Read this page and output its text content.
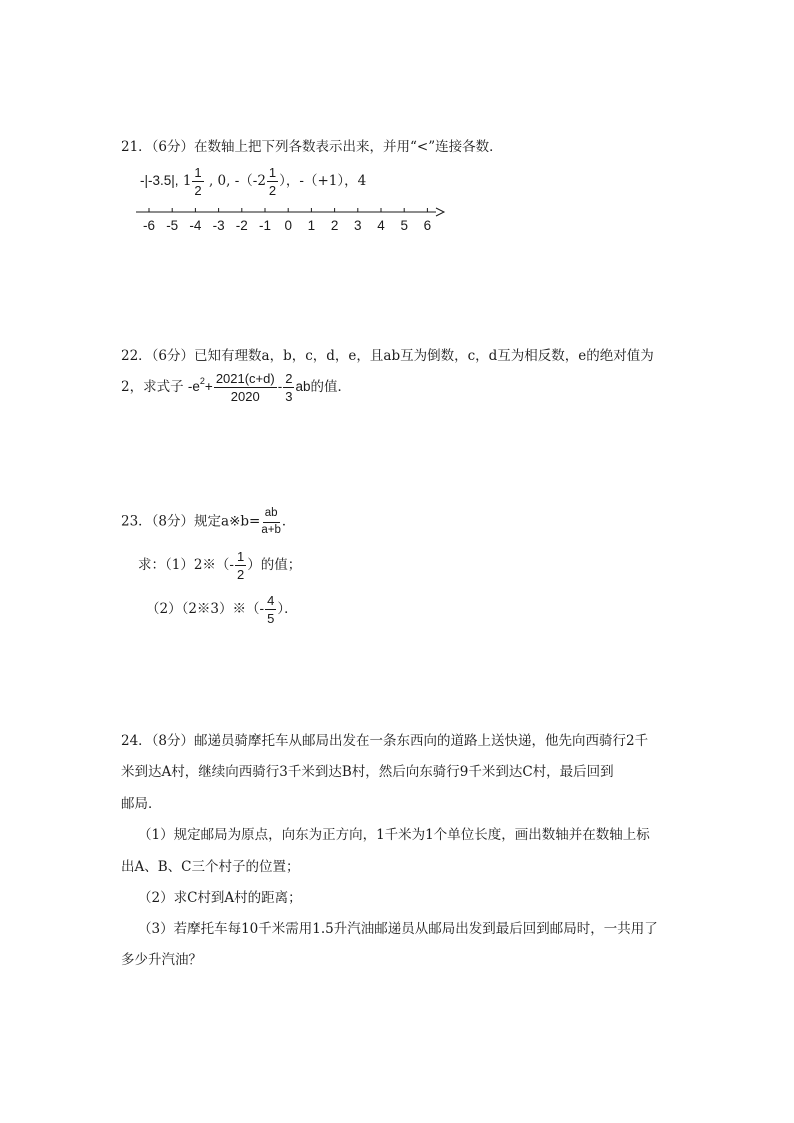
21．（6分）在数轴上把下列各数表示出来，并用“<”连接各数．
-|-3.5|, $1 \frac{1}{2}$ , 0, $-(-2 \frac{1}{2}$ ），-（+1），4
-6 -5 -4 -3 -2 -1 0 1 2 3 4 5 6
22．（6分）已知有理数a，b，c，d，e，且ab互为倒数，c，d互为相反数，e的绝对值为
2，求式子 $-e^2+ \frac{2021(c+d)}{2020} - \frac{2}{3}$ ab的值．
23．（8分）规定a※b= $\frac{ab}{a+b}$ ．
求：（1）2※（- $\frac{1}{2}$ ）的值；
（2）（2※3）※（- $\frac{4}{5}$ ）．
24．（8分）邮递员骑摩托车从邮局出发在一条东西向的道路上送快递，他先向西骑行2千
米到达A村，继续向西骑行3千米到达B村，然后向东骑行9千米到达C村，最后回到
邮局．
（1）规定邮局为原点，向东为正方向，1千米为1个单位长度，画出数轴并在数轴上标
出A、B、C三个村子的位置；
（2）求C村到A村的距离；
（3）若摩托车每10千米需用1.5升汽油邮递员从邮局出发到最后回到邮局时，一共用了
多少升汽油？
